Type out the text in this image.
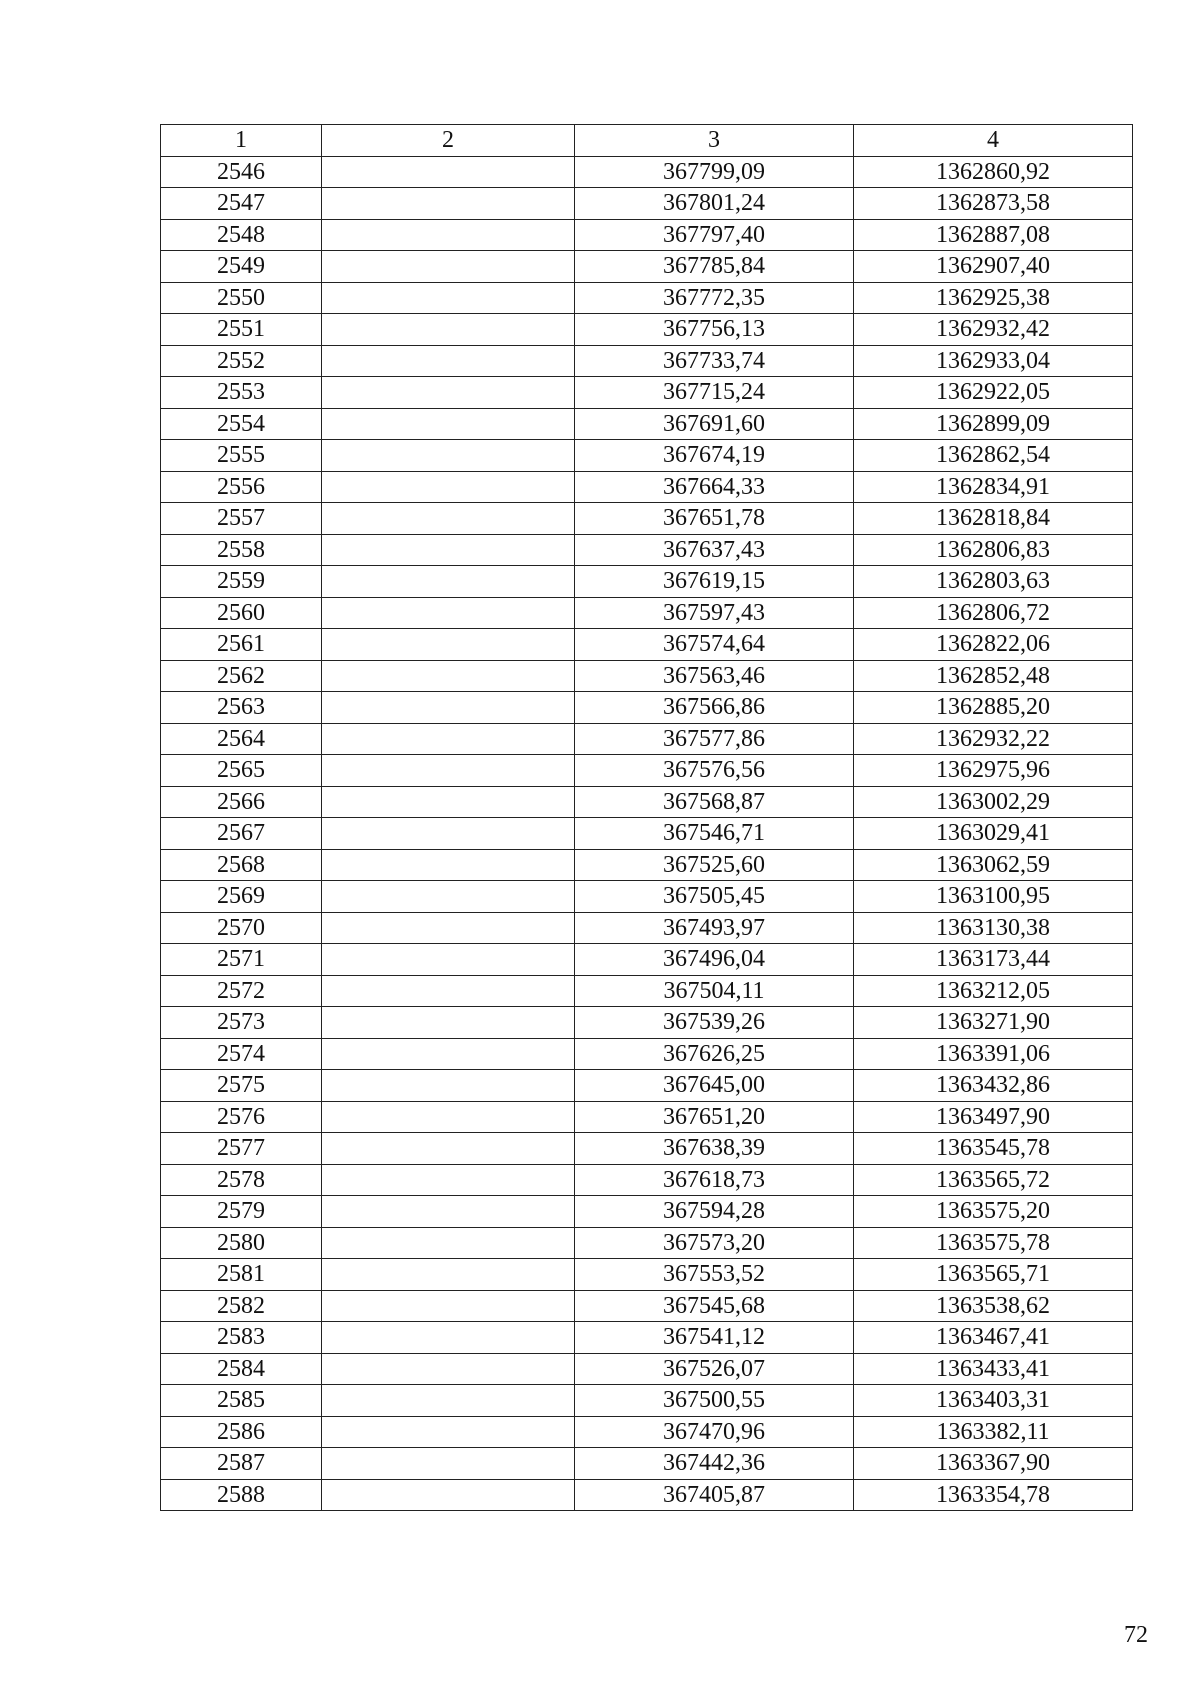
1	2	3	4
2546		367799,09	1362860,92
2547		367801,24	1362873,58
2548		367797,40	1362887,08
2549		367785,84	1362907,40
2550		367772,35	1362925,38
2551		367756,13	1362932,42
2552		367733,74	1362933,04
2553		367715,24	1362922,05
2554		367691,60	1362899,09
2555		367674,19	1362862,54
2556		367664,33	1362834,91
2557		367651,78	1362818,84
2558		367637,43	1362806,83
2559		367619,15	1362803,63
2560		367597,43	1362806,72
2561		367574,64	1362822,06
2562		367563,46	1362852,48
2563		367566,86	1362885,20
2564		367577,86	1362932,22
2565		367576,56	1362975,96
2566		367568,87	1363002,29
2567		367546,71	1363029,41
2568		367525,60	1363062,59
2569		367505,45	1363100,95
2570		367493,97	1363130,38
2571		367496,04	1363173,44
2572		367504,11	1363212,05
2573		367539,26	1363271,90
2574		367626,25	1363391,06
2575		367645,00	1363432,86
2576		367651,20	1363497,90
2577		367638,39	1363545,78
2578		367618,73	1363565,72
2579		367594,28	1363575,20
2580		367573,20	1363575,78
2581		367553,52	1363565,71
2582		367545,68	1363538,62
2583		367541,12	1363467,41
2584		367526,07	1363433,41
2585		367500,55	1363403,31
2586		367470,96	1363382,11
2587		367442,36	1363367,90
2588		367405,87	1363354,78
72
